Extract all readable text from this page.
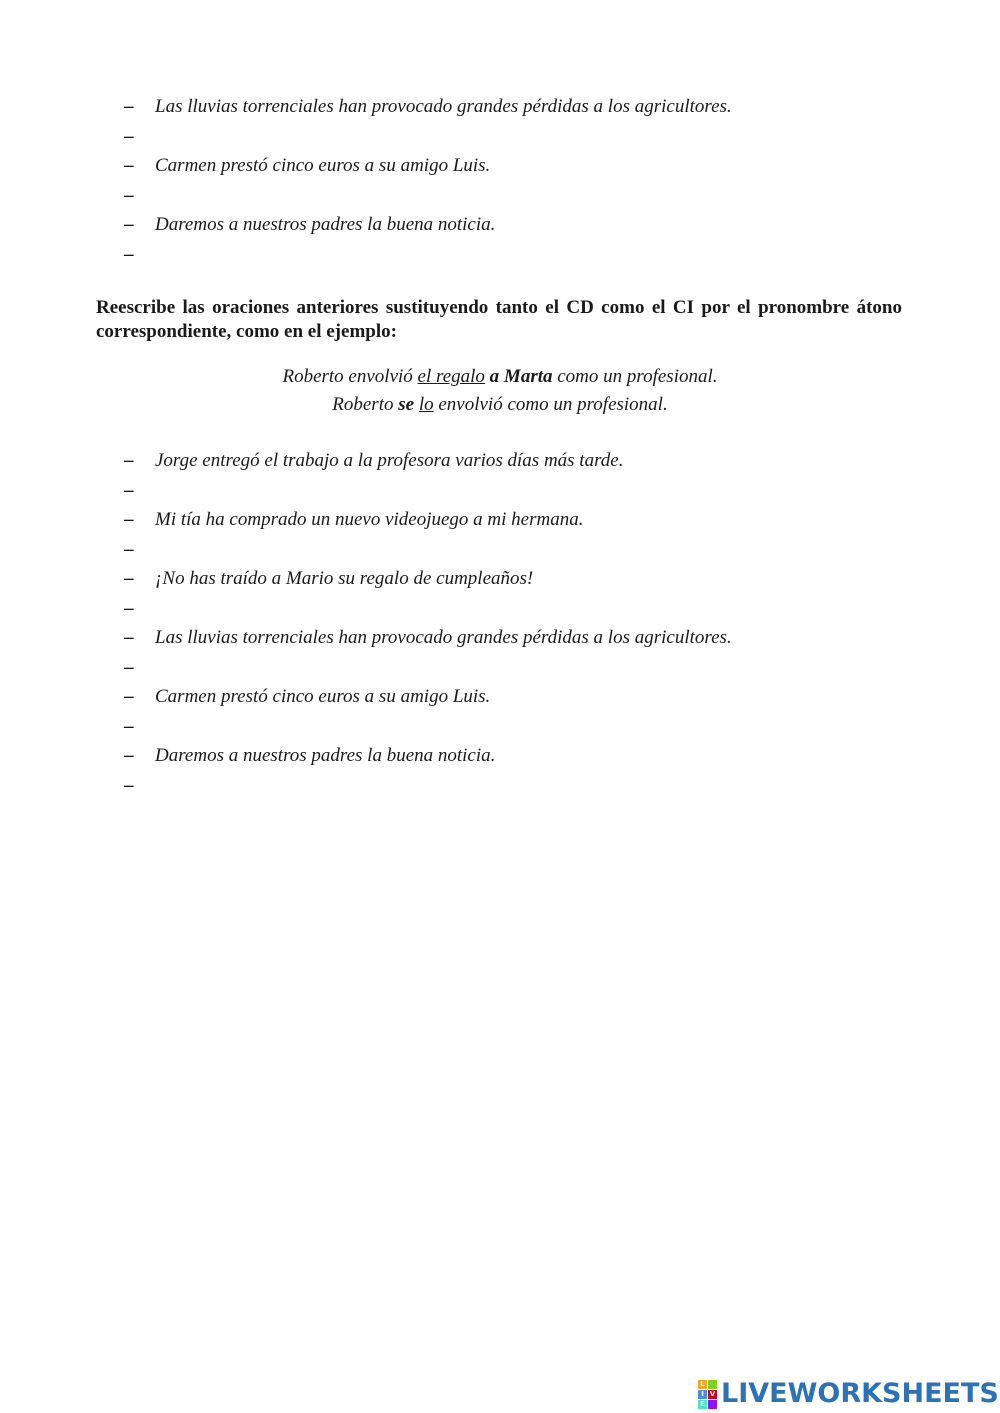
– Las lluvias torrenciales han provocado grandes pérdidas a los agricultores.
–
– Carmen prestó cinco euros a su amigo Luis.
–
– Daremos a nuestros padres la buena noticia.
–
Reescribe las oraciones anteriores sustituyendo tanto el CD como el CI por el pronombre átono correspondiente, como en el ejemplo:
Roberto envolvió el regalo a Marta como un profesional.
Roberto se lo envolvió como un profesional.
– Jorge entregó el trabajo a la profesora varios días más tarde.
–
– Mi tía ha comprado un nuevo videojuego a mi hermana.
–
– ¡No has traído a Mario su regalo de cumpleaños!
–
– Las lluvias torrenciales han provocado grandes pérdidas a los agricultores.
–
– Carmen prestó cinco euros a su amigo Luis.
–
– Daremos a nuestros padres la buena noticia.
–
L
I V
E LIVEWORKSHEETS
